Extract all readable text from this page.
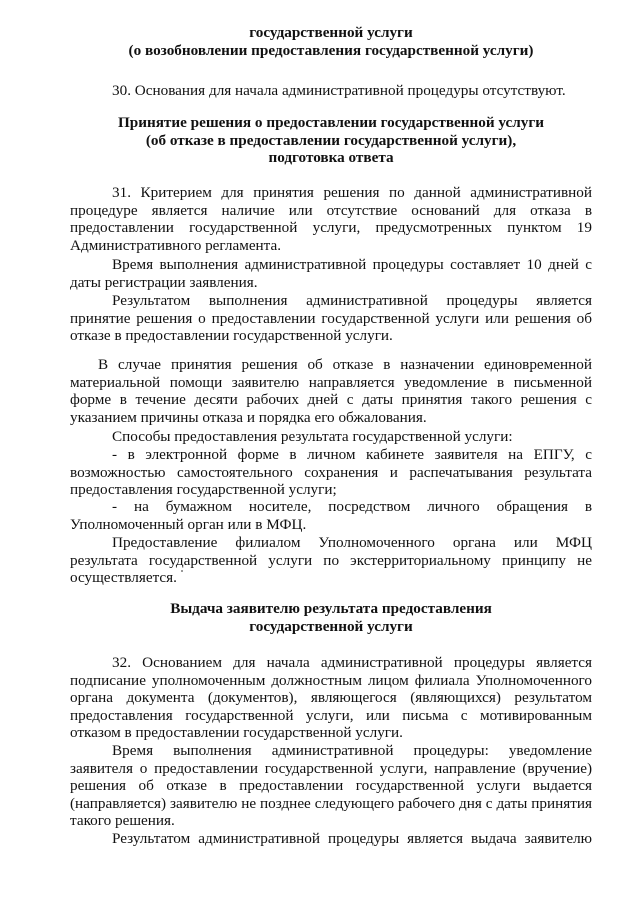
государственной услуги
(о возобновлении предоставления государственной услуги)
30. Основания для начала административной процедуры отсутствуют.
Принятие решения о предоставлении государственной услуги
(об отказе в предоставлении государственной услуги),
подготовка ответа
31. Критерием для принятия решения по данной административной процедуре является наличие или отсутствие оснований для отказа в предоставлении государственной услуги, предусмотренных пунктом 19 Административного регламента.
Время выполнения административной процедуры составляет 10 дней с даты регистрации заявления.
Результатом выполнения административной процедуры является принятие решения о предоставлении государственной услуги или решения об отказе в предоставлении государственной услуги.
В случае принятия решения об отказе в назначении единовременной материальной помощи заявителю направляется уведомление в письменной форме в течение десяти рабочих дней с даты принятия такого решения с указанием причины отказа и порядка его обжалования.
Способы предоставления результата государственной услуги:
- в электронной форме в личном кабинете заявителя на ЕПГУ, с возможностью самостоятельного сохранения и распечатывания результата предоставления государственной услуги;
- на бумажном носителе, посредством личного обращения в Уполномоченный орган или в МФЦ.
Предоставление филиалом Уполномоченного органа или МФЦ результата государственной услуги по экстерриториальному принципу не осуществляется.
Выдача заявителю результата предоставления
государственной услуги
32. Основанием для начала административной процедуры является подписание уполномоченным должностным лицом филиала Уполномоченного органа документа (документов), являющегося (являющихся) результатом предоставления государственной услуги, или письма с мотивированным отказом в предоставлении государственной услуги.
Время выполнения административной процедуры: уведомление заявителя о предоставлении государственной услуги, направление (вручение) решения об отказе в предоставлении государственной услуги выдается (направляется) заявителю не позднее следующего рабочего дня с даты принятия такого решения.
Результатом административной процедуры является выдача заявителю
